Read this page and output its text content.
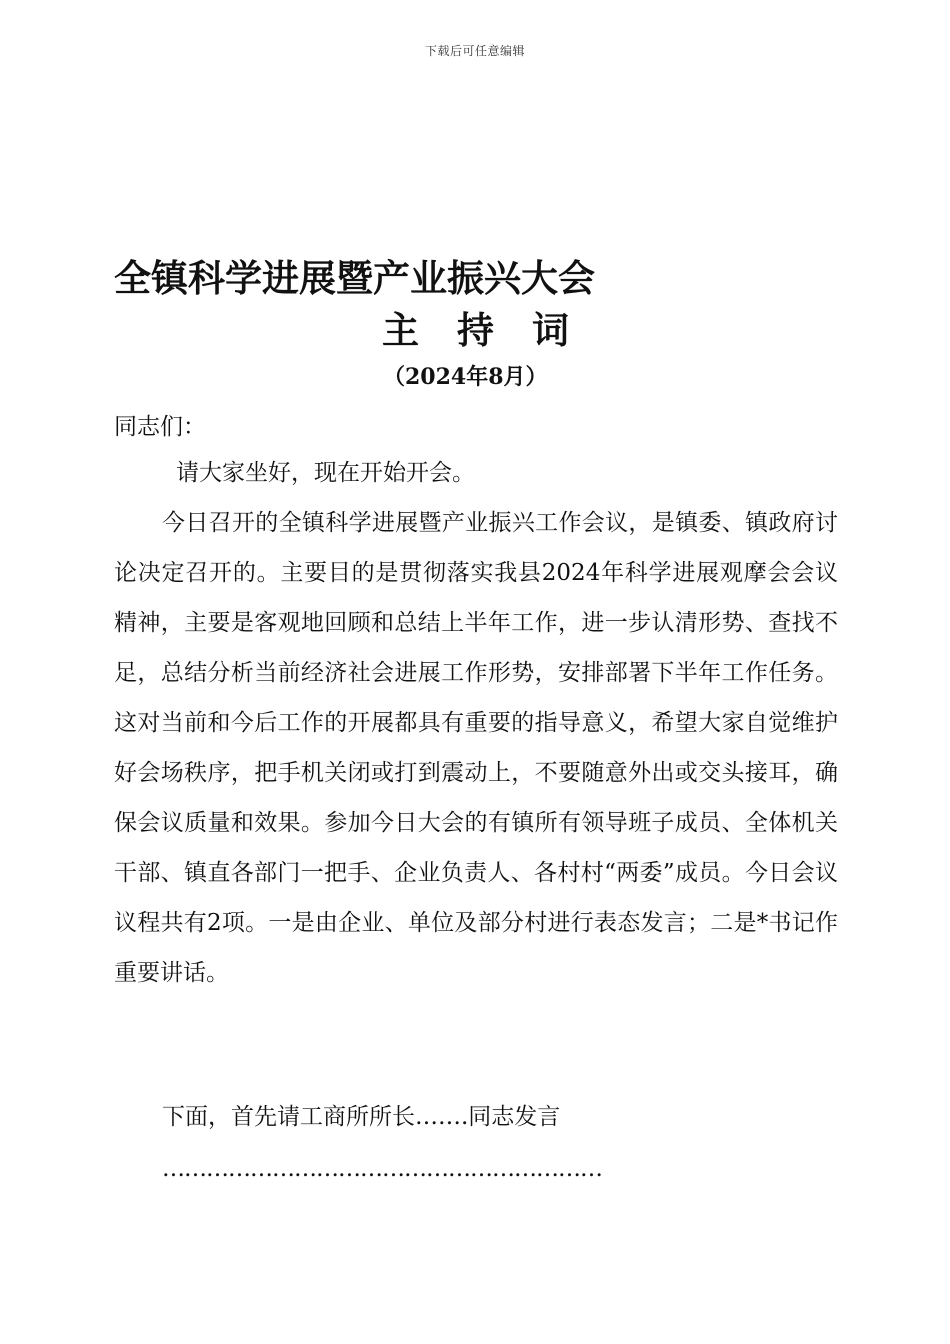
下载后可任意编辑
全镇科学进展暨产业振兴大会
主持词
（2024年8月）
同志们：
请大家坐好，现在开始开会。
今日召开的全镇科学进展暨产业振兴工作会议，是镇委、镇政府讨论决定召开的。主要目的是贯彻落实我县2024年科学进展观摩会会议精神，主要是客观地回顾和总结上半年工作，进一步认清形势、查找不足，总结分析当前经济社会进展工作形势，安排部署下半年工作任务。这对当前和今后工作的开展都具有重要的指导意义，希望大家自觉维护好会场秩序，把手机关闭或打到震动上，不要随意外出或交头接耳，确保会议质量和效果。参加今日大会的有镇所有领导班子成员、全体机关干部、镇直各部门一把手、企业负责人、各村村“两委”成员。今日会议议程共有2项。一是由企业、单位及部分村进行表态发言；二是*书记作重要讲话。
下面，首先请工商所所长…….同志发言
……………………………………………………
